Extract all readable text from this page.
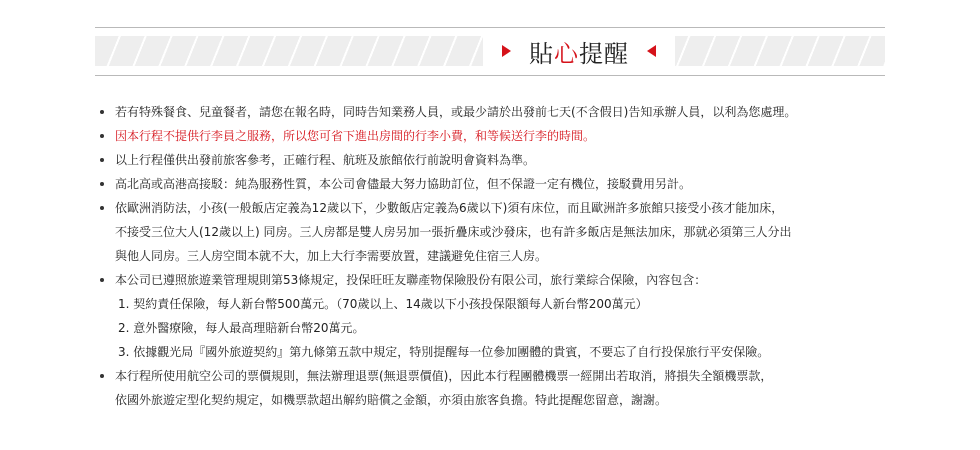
貼心提醒
若有特殊餐食、兒童餐者，請您在報名時，同時告知業務人員，或最少請於出發前七天(不含假日)告知承辦人員，以利為您處理。
因本行程不提供行李員之服務，所以您可省下進出房間的行李小費，和等候送行李的時間。
以上行程僅供出發前旅客參考，正確行程、航班及旅館依行前說明會資料為準。
高北高或高港高接駁：純為服務性質，本公司會儘最大努力協助訂位，但不保證一定有機位，接駁費用另計。
依歐洲消防法，小孩(一般飯店定義為12歲以下，少數飯店定義為6歲以下)須有床位，而且歐洲許多旅館只接受小孩才能加床，
不接受三位大人(12歲以上) 同房。三人房都是雙人房另加一張折疊床或沙發床，也有許多飯店是無法加床，那就必須第三人分出
與他人同房。三人房空間本就不大，加上大行李需要放置，建議避免住宿三人房。
本公司已遵照旅遊業管理規則第53條規定，投保旺旺友聯產物保險股份有限公司，旅行業綜合保險，內容包含：
1. 契約責任保險，每人新台幣500萬元。（70歲以上、14歲以下小孩投保限額每人新台幣200萬元）
2. 意外醫療險，每人最高理賠新台幣20萬元。
3. 依據觀光局『國外旅遊契約』第九條第五款中規定，特別提醒每一位參加團體的貴賓，不要忘了自行投保旅行平安保險。
本行程所使用航空公司的票價規則，無法辦理退票(無退票價值)，因此本行程團體機票一經開出若取消，將損失全額機票款，
依國外旅遊定型化契約規定，如機票款超出解約賠償之金額，亦須由旅客負擔。特此提醒您留意，謝謝。
